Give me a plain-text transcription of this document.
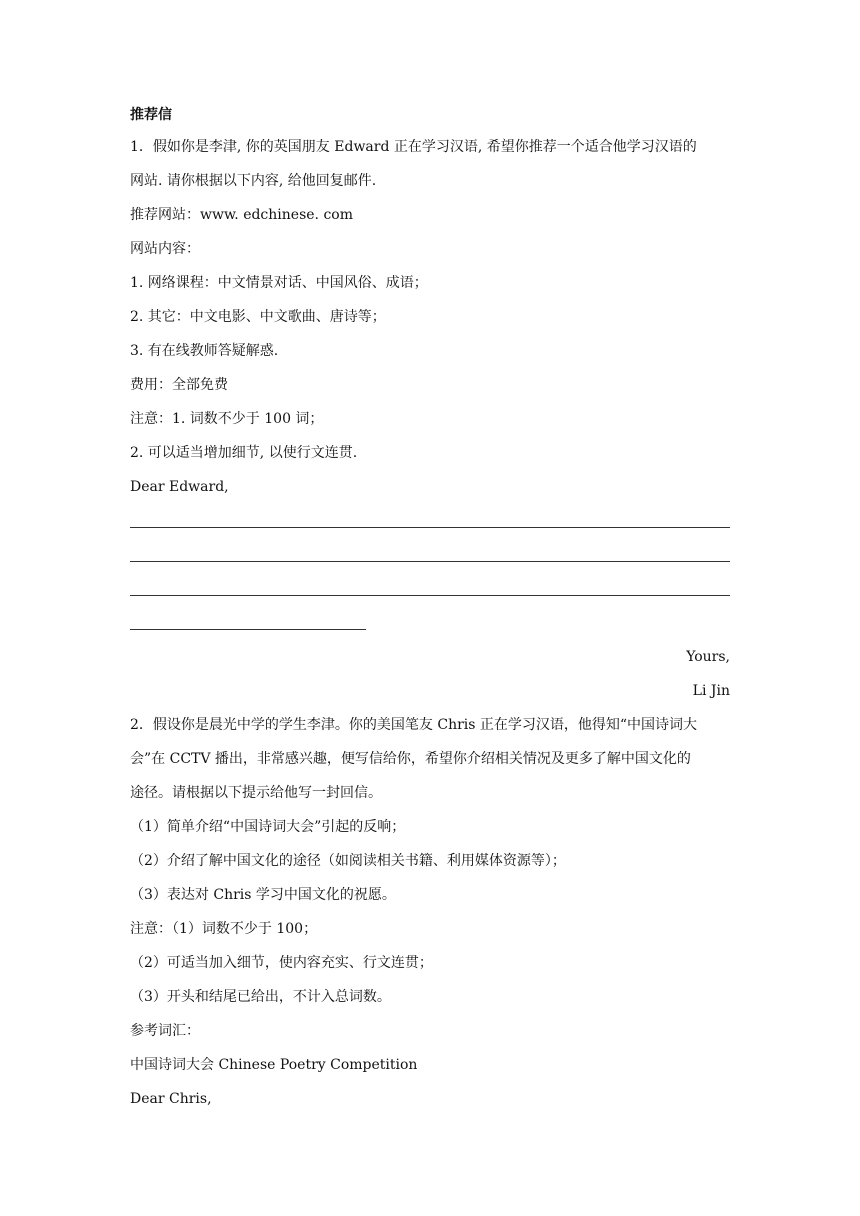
推荐信
1．假如你是李津, 你的英国朋友 Edward 正在学习汉语, 希望你推荐一个适合他学习汉语的
网站. 请你根据以下内容, 给他回复邮件.
推荐网站：www. edchinese. com
网站内容：
1. 网络课程：中文情景对话、中国风俗、成语；
2. 其它：中文电影、中文歌曲、唐诗等；
3. 有在线教师答疑解惑.
费用：全部免费
注意：1. 词数不少于 100 词；
2. 可以适当增加细节, 以使行文连贯.
Dear Edward,
Yours,
Li Jin
2．假设你是晨光中学的学生李津。你的美国笔友 Chris 正在学习汉语，他得知“中国诗词大
会”在 CCTV 播出，非常感兴趣，便写信给你，希望你介绍相关情况及更多了解中国文化的
途径。请根据以下提示给他写一封回信。
（1）简单介绍“中国诗词大会”引起的反响；
（2）介绍了解中国文化的途径（如阅读相关书籍、利用媒体资源等）；
（3）表达对 Chris 学习中国文化的祝愿。
注意：（1）词数不少于 100；
（2）可适当加入细节，使内容充实、行文连贯；
（3）开头和结尾已给出，不计入总词数。
参考词汇：
中国诗词大会 Chinese Poetry Competition
Dear Chris,
